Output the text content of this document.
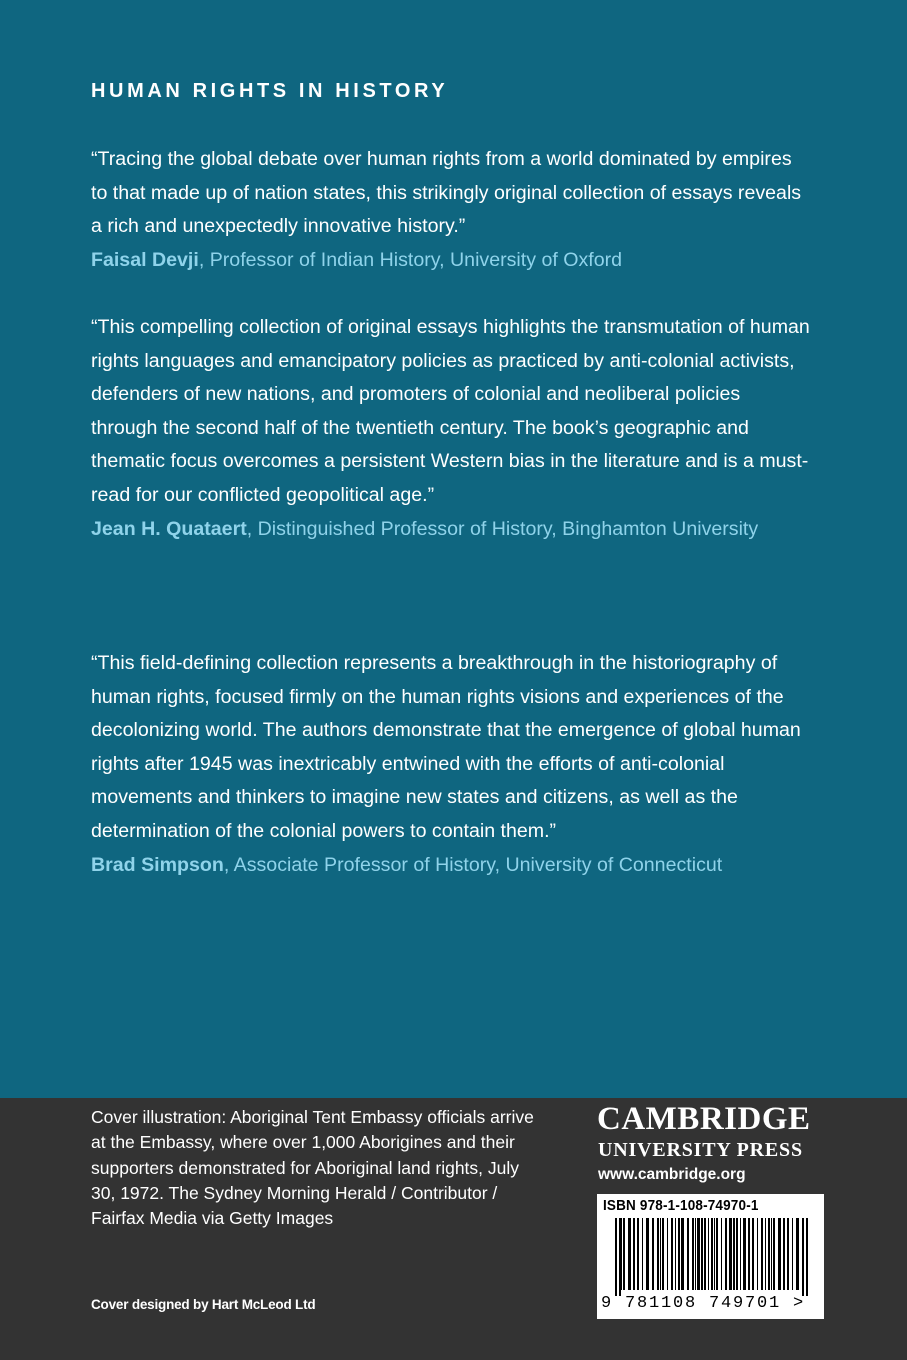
HUMAN RIGHTS IN HISTORY

“Tracing the global debate over human rights from a world dominated by empires to that made up of nation states, this strikingly original collection of essays reveals a rich and unexpectedly innovative history.”

Faisal Devji, Professor of Indian History, University of Oxford

“This compelling collection of original essays highlights the transmutation of human rights languages and emancipatory policies as practiced by anti-colonial activists, defenders of new nations, and promoters of colonial and neoliberal policies through the second half of the twentieth century. The book’s geographic and thematic focus overcomes a persistent Western bias in the literature and is a must-read for our conflicted geopolitical age.”

Jean H. Quataert, Distinguished Professor of History, Binghamton University

“This field-defining collection represents a breakthrough in the historiography of human rights, focused firmly on the human rights visions and experiences of the decolonizing world. The authors demonstrate that the emergence of global human rights after 1945 was inextricably entwined with the efforts of anti-colonial movements and thinkers to imagine new states and citizens, as well as the determination of the colonial powers to contain them.”

Brad Simpson, Associate Professor of History, University of Connecticut

Cover illustration: Aboriginal Tent Embassy officials arrive at the Embassy, where over 1,000 Aborigines and their supporters demonstrated for Aboriginal land rights, July 30, 1972. The Sydney Morning Herald / Contributor / Fairfax Media via Getty Images
Cover designed by Hart McLeod Ltd
CAMBRIDGE
UNIVERSITY PRESS
www.cambridge.org
ISBN 978-1-108-74970-1
9 781108 749701 >
